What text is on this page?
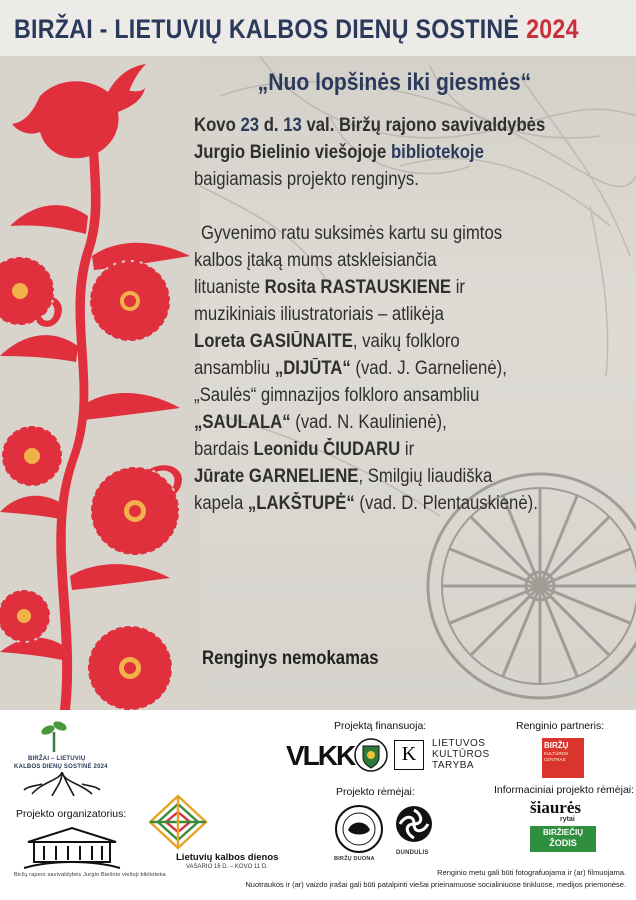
BIRŽAI - LIETUVIŲ KALBOS DIENŲ SOSTINĖ 2024
„Nuo lopšinės iki giesmės“
Kovo 23 d. 13 val. Biržų rajono savivaldybės
Jurgio Bielinio viešojoje bibliotekoje
baigiamasis projekto renginys.

Gyvenimo ratu suksimės kartu su gimtos
kalbos įtaką mums atskleisiančia
lituaniste Rosita RASTAUSKIENE ir
muzikiniais iliustratoriais – atlikėja
Loreta GASIŪNAITE, vaikų folkloro
ansambliu „DIJŪTA“ (vad. J. Garnelienė),
„Saulės“ gimnazijos folkloro ansambliu
„SAULALA“ (vad. N. Kaulinienė),
bardais Leonidu ČIUDARU ir
Jūrate GARNELIENE, Smilgių liaudiška
kapela „LAKŠTUPĖ“ (vad. D. Plentauskienė).
Renginys nemokamas
BIRŽAI – LIETUVIŲ
KALBOS DIENŲ SOSTINĖ 2024
Projekto organizatorius:
Biržų rajono savivaldybės Jurgio Bielinio viešoji biblioteka
Lietuvių kalbos dienos
VASARIO 16 D. – KOVO 11 D.
Projektą finansuoja:
VLKK	K	LIETUVOS
KULTŪROS
TARYBA
Projekto rėmėjai:
BIRŽŲ DUONA
DUNDULIS
Renginio partneris:
BIRŽŲ
KULTŪROS CENTRAS
Informaciniai projekto rėmėjai:
šiaurės
rytai
BIRŽIEČIŲ
ŽODIS
Renginio metu gali būti fotografuojama ir (ar) filmuojama.
Nuotraukos ir (ar) vaizdo įrašai gali būti patalpinti viešai prieinamuose socialiniuose tinkluose, medijos priemonėse.
